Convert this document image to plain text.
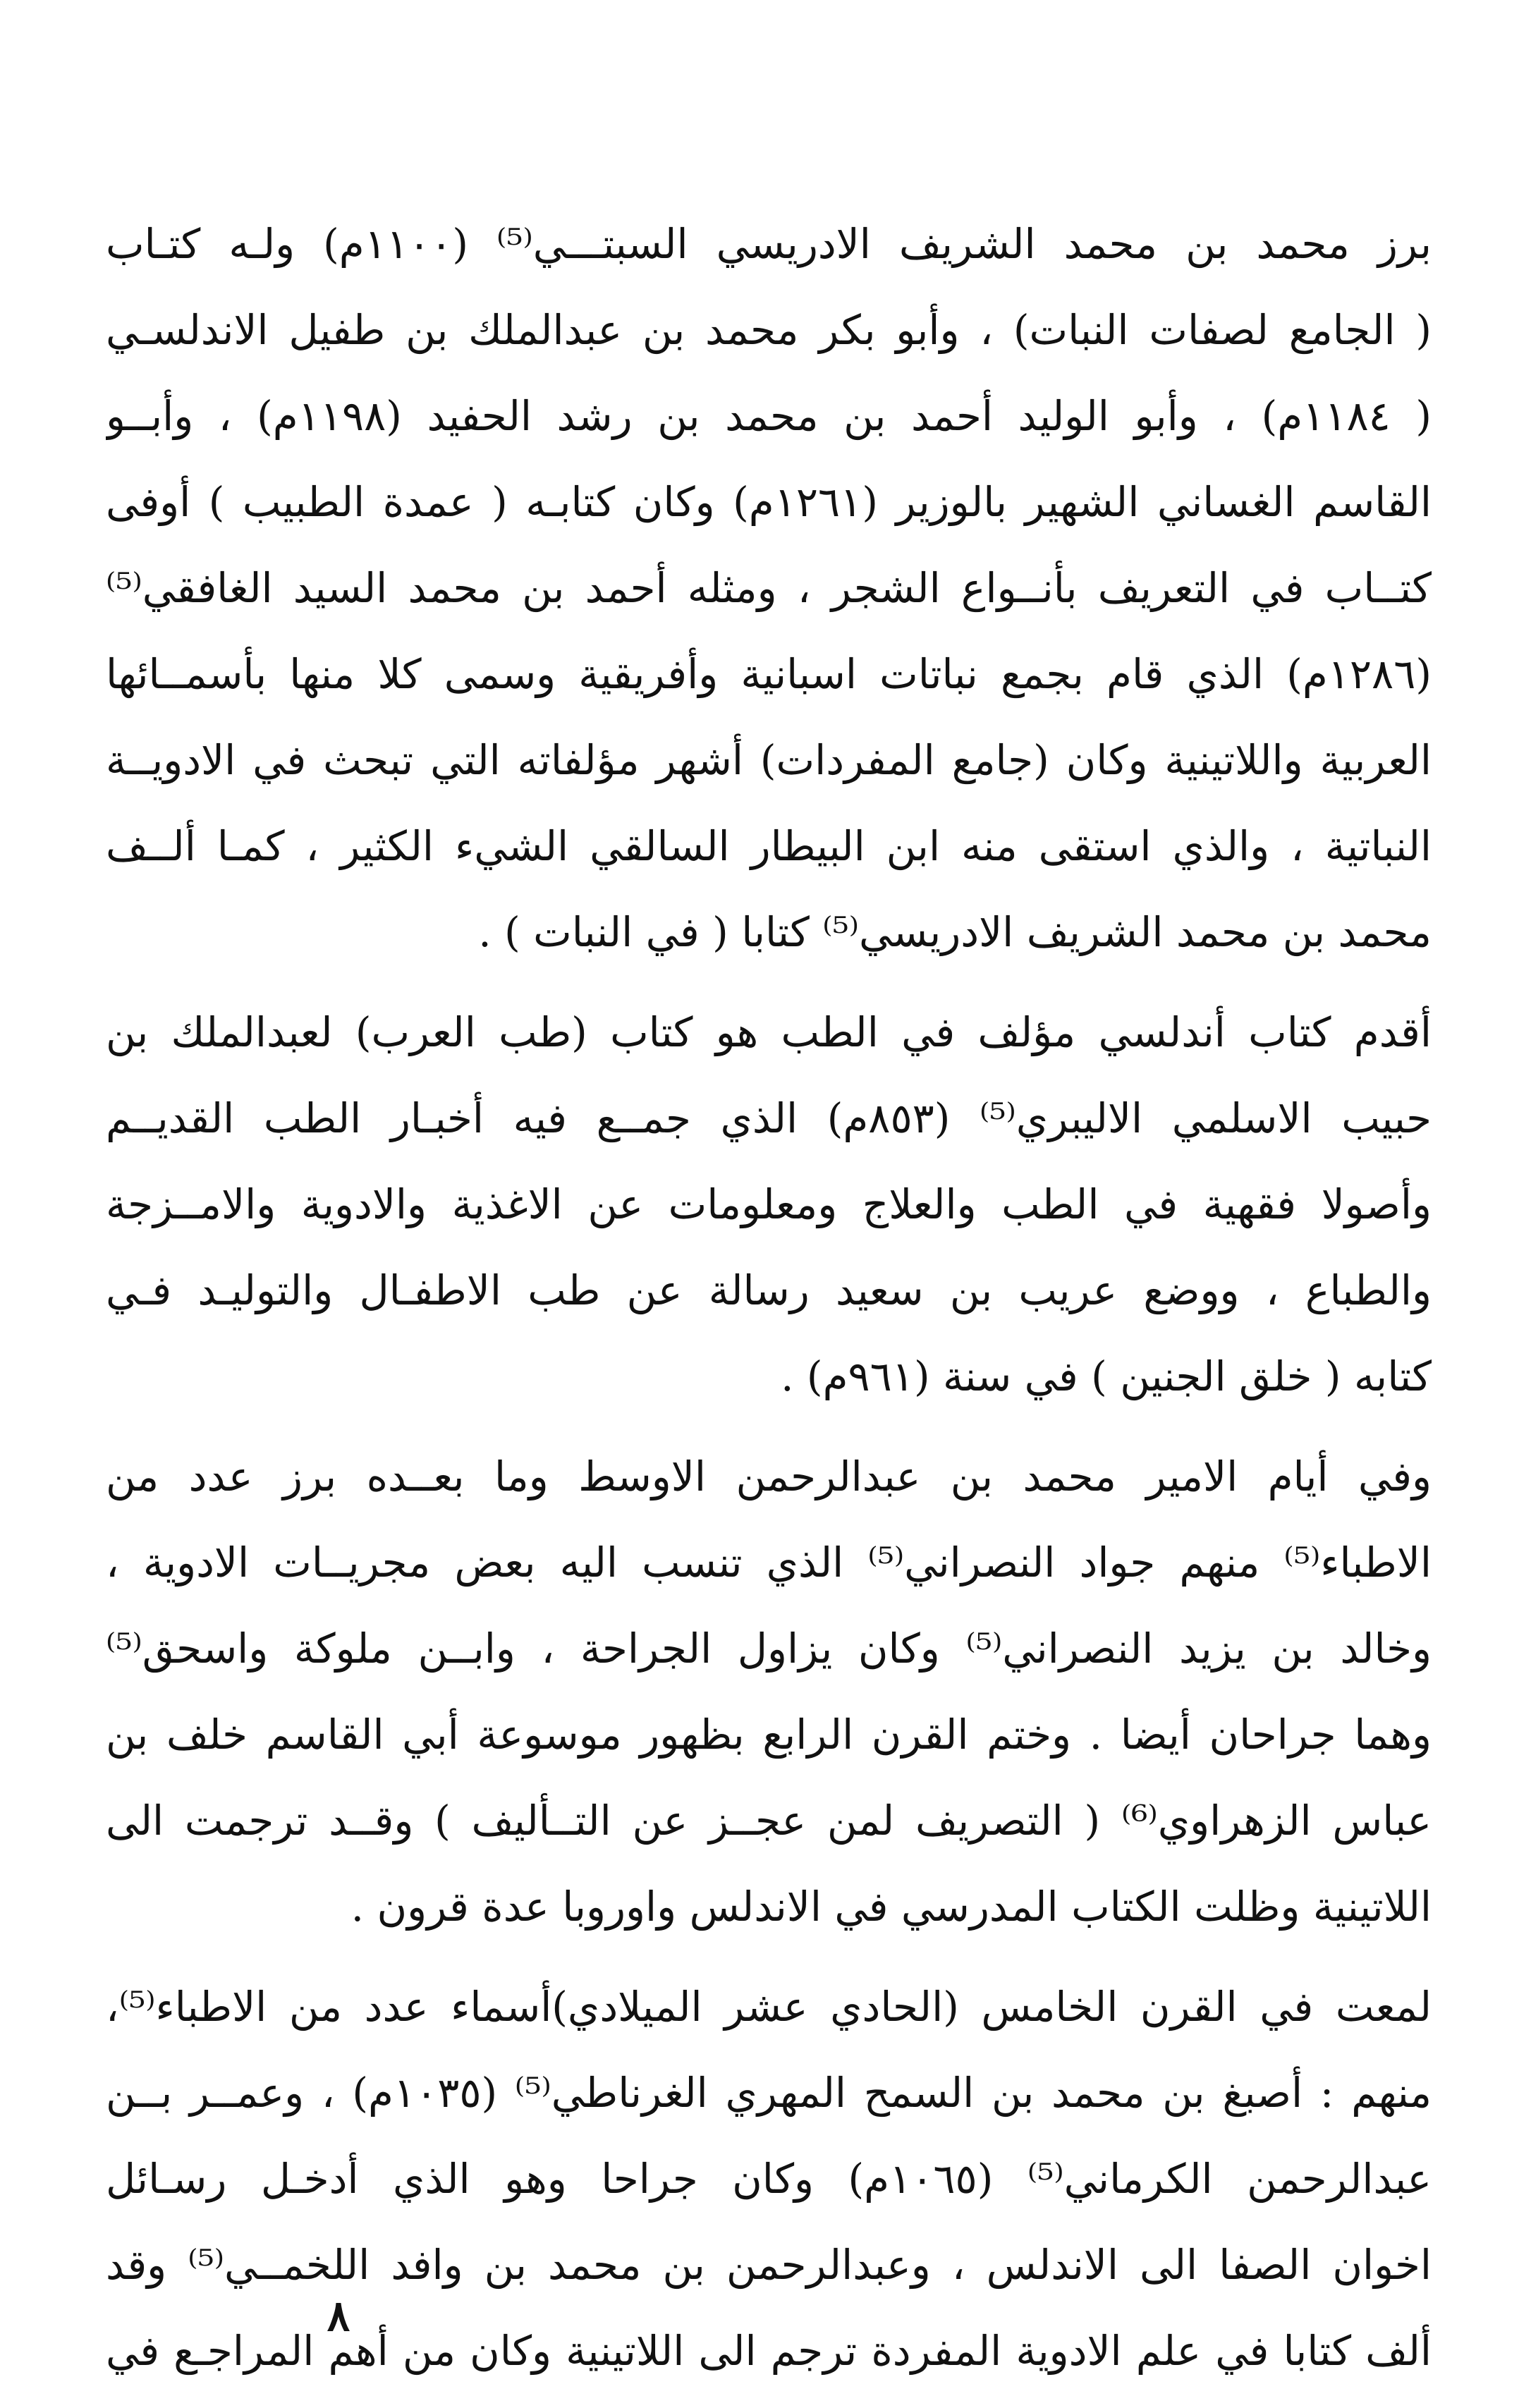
برز محمد بن محمد الشريف الادريسي السبتـــي⁽⁵⁾ (١١٠٠م) ولـه كتـاب
( الجامع لصفات النبات) ، وأبو بكر محمد بن عبدالملك بن طفيل الاندلسـي
( ١١٨٤م) ، وأبو الوليد أحمد بن محمد بن رشد الحفيد (١١٩٨م) ، وأبــو
القاسم الغساني الشهير بالوزير (١٢٦١م) وكان كتابـه ( عمدة الطبيب ) أوفى
كتــاب في التعريف بأنــواع الشجر ، ومثله أحمد بن محمد السيد الغافقي⁽⁵⁾
(١٢٨٦م) الذي قام بجمع نباتات اسبانية وأفريقية وسمى كلا منها بأسمــائها
العربية واللاتينية وكان (جامع المفردات) أشهر مؤلفاته التي تبحث في الادويــة
النباتية ، والذي استقى منه ابن البيطار السالقي الشيء الكثير ، كمـا ألــف
محمد بن محمد الشريف الادريسي⁽⁵⁾ كتابا ( في النبات ) .
أقدم كتاب أندلسي مؤلف في الطب هو كتاب (طب العرب) لعبدالملك بن
حبيب الاسلمي الاليبري⁽⁵⁾ (٨٥٣م) الذي جمــع فيه أخبـار الطب القديــم
وأصولا فقهية في الطب والعلاج ومعلومات عن الاغذية والادوية والامــزجة
والطباع ، ووضع عريب بن سعيد رسالة عن طب الاطفـال والتوليـد فـي
كتابه ( خلق الجنين ) في سنة (٩٦١م) .
وفي أيام الامير محمد بن عبدالرحمن الاوسط وما بعــده برز عدد من
الاطباء⁽⁵⁾ منهم جواد النصراني⁽⁵⁾ الذي تنسب اليه بعض مجريــات الادوية ،
وخالد بن يزيد النصراني⁽⁵⁾ وكان يزاول الجراحة ، وابــن ملوكة واسحق⁽⁵⁾
وهما جراحان أيضا . وختم القرن الرابع بظهور موسوعة أبي القاسم خلف بن
عباس الزهراوي⁽⁶⁾ ( التصريف لمن عجــز عن التــأليف ) وقــد ترجمت الى
اللاتينية وظلت الكتاب المدرسي في الاندلس واوروبا عدة قرون .
لمعت في القرن الخامس (الحادي عشر الميلادي)أسماء عدد من الاطباء⁽⁵⁾،
منهم : أصبغ بن محمد بن السمح المهري الغرناطي⁽⁵⁾ (١٠٣٥م) ، وعمــر بــن
عبدالرحمن الكرماني⁽⁵⁾ (١٠٦٥م) وكان جراحا وهو الذي أدخـل رسـائل
اخوان الصفا الى الاندلس ، وعبدالرحمن بن محمد بن وافد اللخمــي⁽⁵⁾ وقد
ألف كتابا في علم الادوية المفردة ترجم الى اللاتينية وكان من أهم المراجـع في
٨
